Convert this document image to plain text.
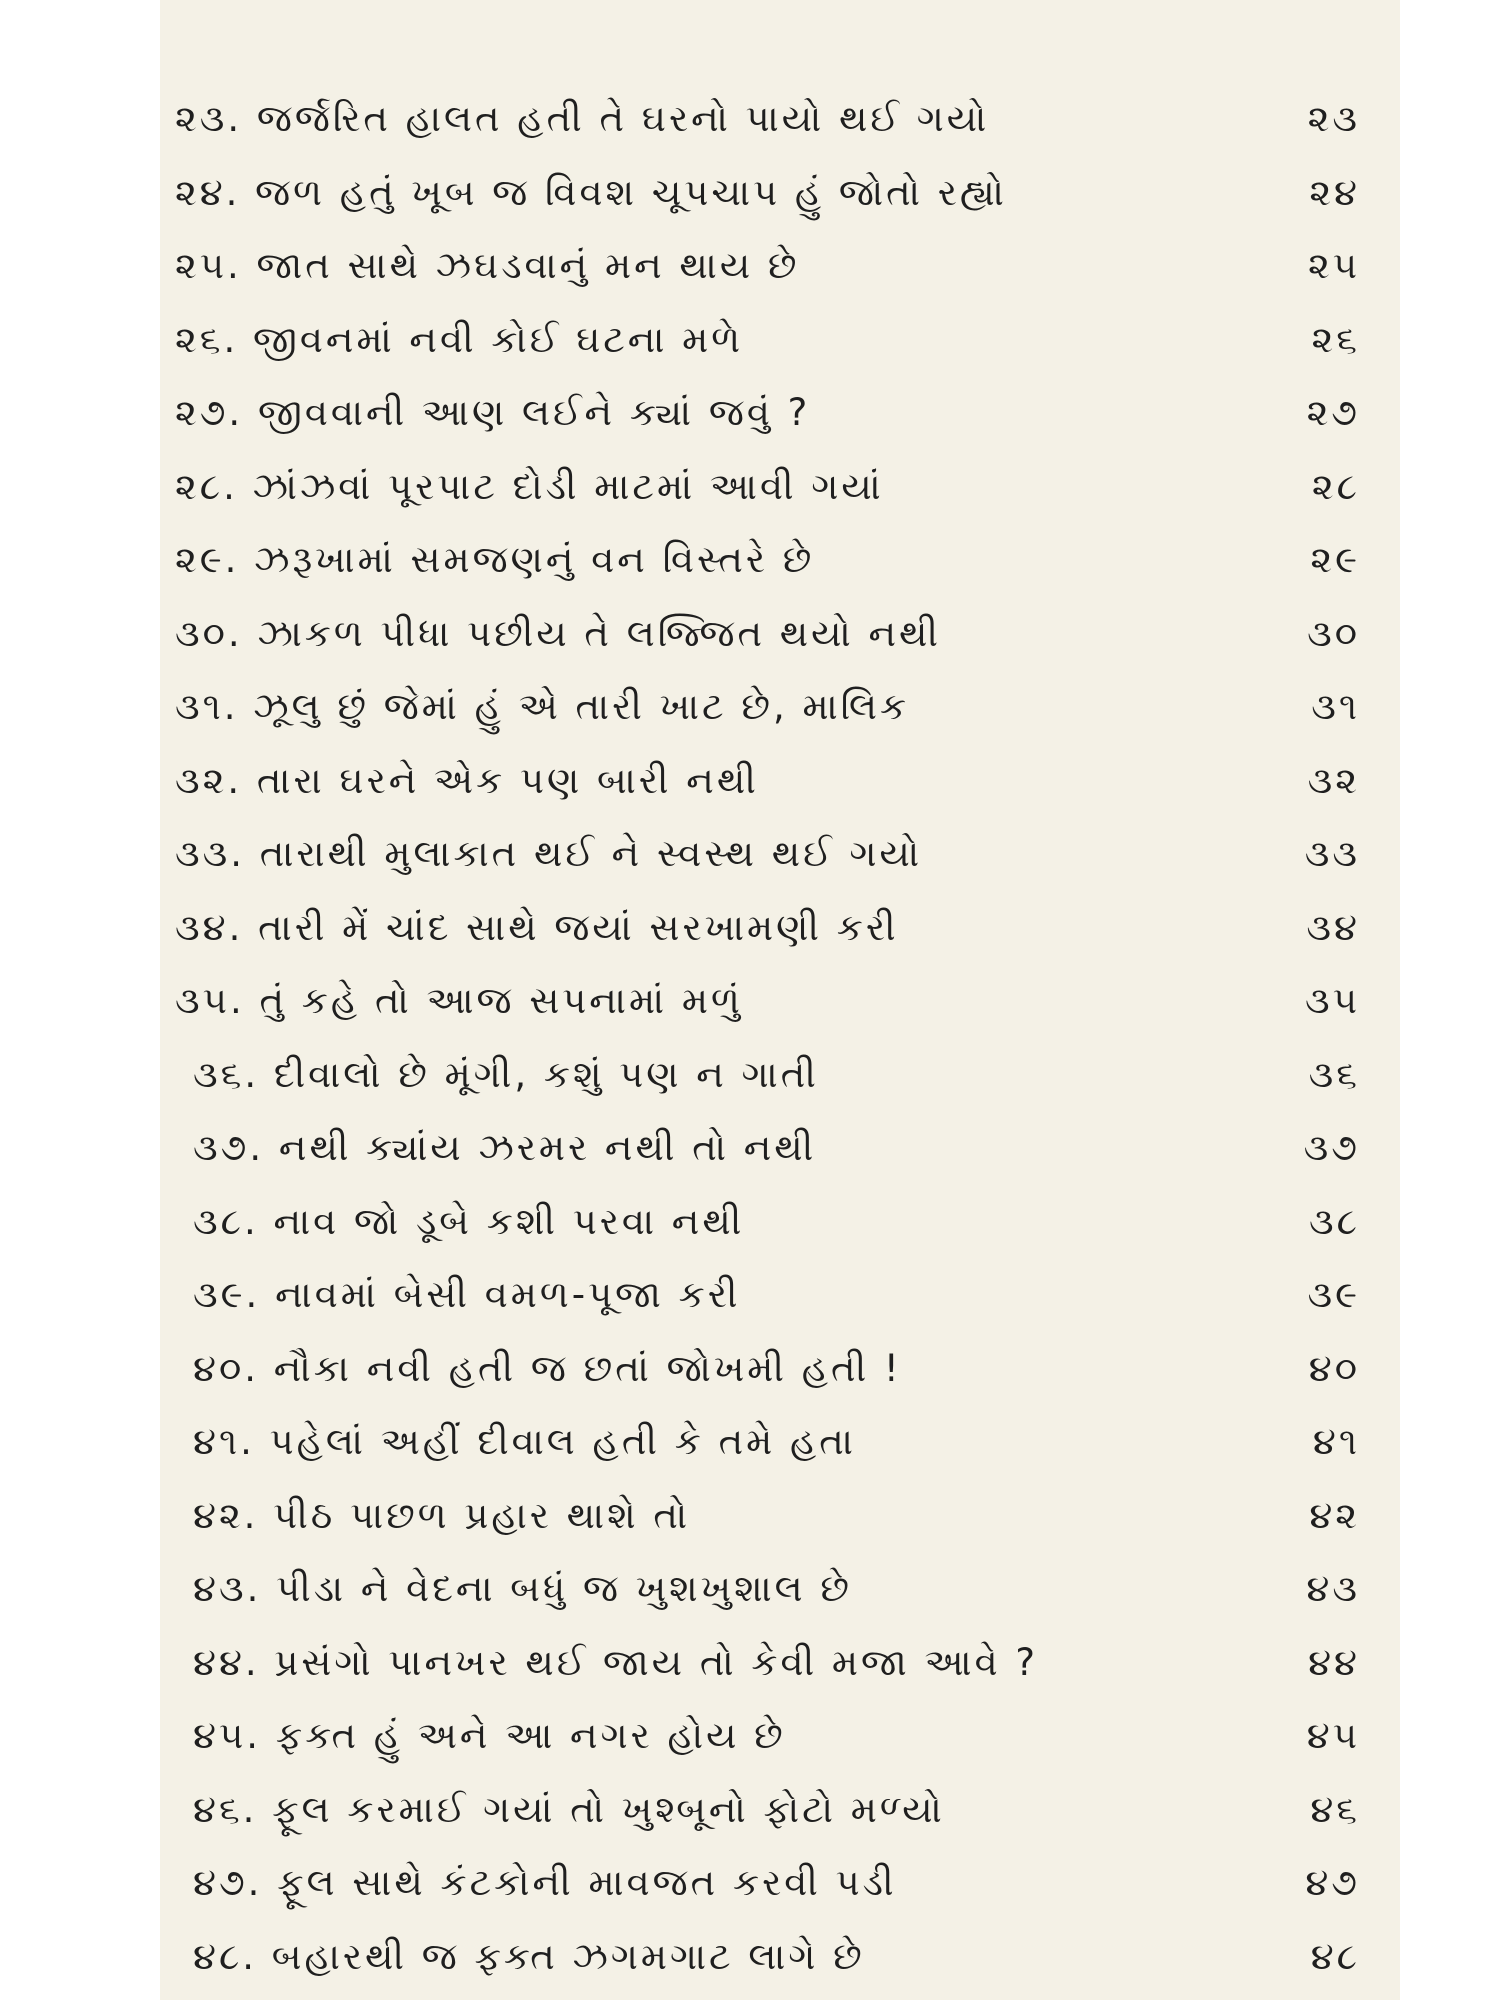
૨૩. જર્જરિત હાલત હતી તે ઘરનો પાયો થઈ ગયો	૨૩
૨૪. જળ હતું ખૂબ જ વિવશ ચૂપચાપ હું જોતો રહ્યો	૨૪
૨૫. જાત સાથે ઝઘડવાનું મન થાય છે	૨૫
૨૬. જીવનમાં નવી કોઈ ઘટના મળે	૨૬
૨૭. જીવવાની આણ લઈને ક્યાં જવું ?	૨૭
૨૮. ઝાંઝવાં પૂરપાટ દોડી માટમાં આવી ગયાં	૨૮
૨૯. ઝરૂખામાં સમજણનું વન વિસ્તરે છે	૨૯
૩૦. ઝાકળ પીધા પછીય તે લજ્જિત થયો નથી	૩૦
૩૧. ઝૂલુ છું જેમાં હું એ તારી ખાટ છે, માલિક	૩૧
૩૨. તારા ઘરને એક પણ બારી નથી	૩૨
૩૩. તારાથી મુલાકાત થઈ ને સ્વસ્થ થઈ ગયો	૩૩
૩૪. તારી મેં ચાંદ સાથે જયાં સરખામણી કરી	૩૪
૩૫. તું કહે તો આજ સપનામાં મળું	૩૫
૩૬. દીવાલો છે મૂંગી, કશું પણ ન ગાતી	૩૬
૩૭. નથી ક્યાંય ઝરમર નથી તો નથી	૩૭
૩૮. નાવ જો ડૂબે કશી પરવા નથી	૩૮
૩૯. નાવમાં બેસી વમળ-પૂજા કરી	૩૯
૪૦. નૌકા નવી હતી જ છતાં જોખમી હતી !	૪૦
૪૧. પહેલાં અહીં દીવાલ હતી કે તમે હતા	૪૧
૪૨. પીઠ પાછળ પ્રહાર થાશે તો	૪૨
૪૩. પીડા ને વેદના બધું જ ખુશખુશાલ છે	૪૩
૪૪. પ્રસંગો પાનખર થઈ જાય તો કેવી મજા આવે ?	૪૪
૪૫. ફક્ત હું અને આ નગર હોય છે	૪૫
૪૬. ફૂલ કરમાઈ ગયાં તો ખુશ્બૂનો ફોટો મળ્યો	૪૬
૪૭. ફૂલ સાથે કંટકોની માવજત કરવી પડી	૪૭
૪૮. બહારથી જ ફક્ત ઝગમગાટ લાગે છે	૪૮
